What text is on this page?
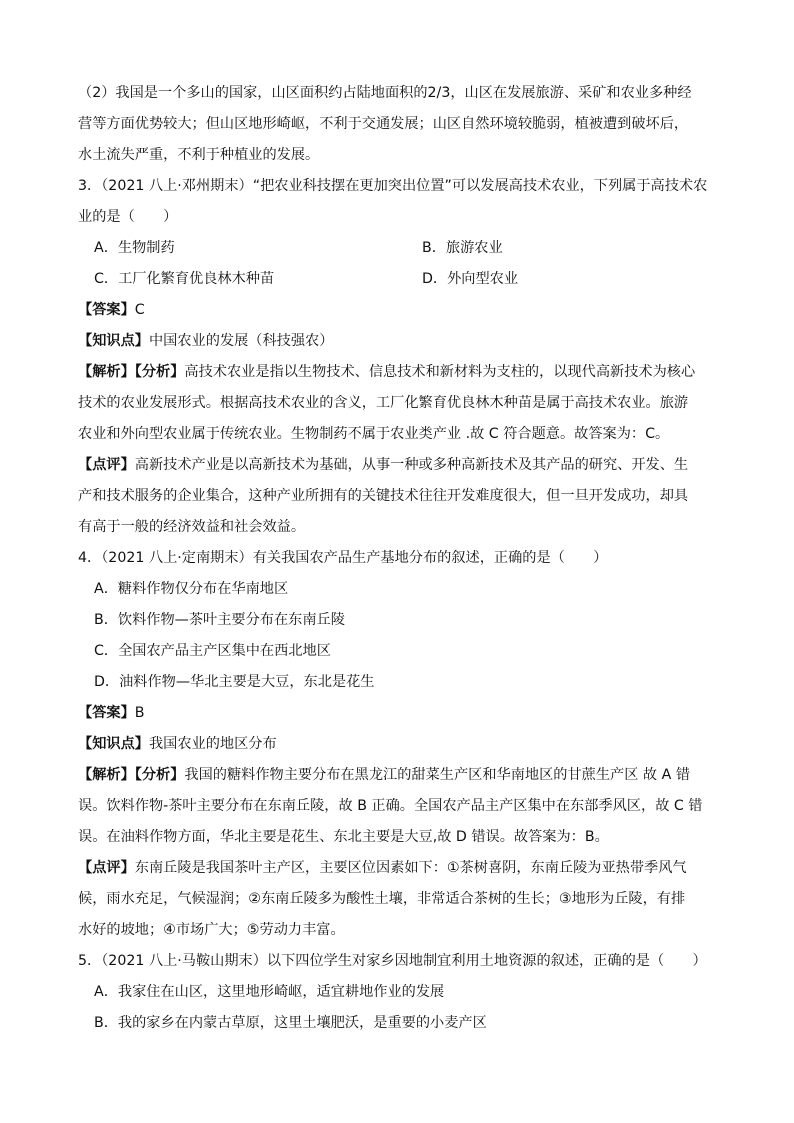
（2）我国是一个多山的国家，山区面积约占陆地面积的2/3，山区在发展旅游、采矿和农业多种经

营等方面优势较大；但山区地形崎岖，不利于交通发展；山区自然环境较脆弱，植被遭到破坏后，

水土流失严重，不利于种植业的发展。

3．（2021 八上·邓州期末）“把农业科技摆在更加突出位置”可以发展高技术农业，下列属于高技术农

业的是（　　）

A．生物制药	B．旅游农业
C．工厂化繁育优良林木种苗	D．外向型农业

【答案】C

【知识点】中国农业的发展（科技强农）

【解析】【分析】高技术农业是指以生物技术、信息技术和新材料为支柱的，以现代高新技术为核心

技术的农业发展形式。根据高技术农业的含义，工厂化繁育优良林木种苗是属于高技术农业。旅游

农业和外向型农业属于传统农业。生物制药不属于农业类产业 .故 C 符合题意。故答案为：C。

【点评】高新技术产业是以高新技术为基础，从事一种或多种高新技术及其产品的研究、开发、生

产和技术服务的企业集合，这种产业所拥有的关键技术往往开发难度很大，但一旦开发成功，却具

有高于一般的经济效益和社会效益。

4．（2021 八上·定南期末）有关我国农产品生产基地分布的叙述，正确的是（　　）

A．糖料作物仅分布在华南地区

B．饮料作物—茶叶主要分布在东南丘陵

C．全国农产品主产区集中在西北地区

D．油料作物—华北主要是大豆，东北是花生

【答案】B

【知识点】我国农业的地区分布

【解析】【分析】我国的糖料作物主要分布在黑龙江的甜菜生产区和华南地区的甘蔗生产区 故 A 错

误。饮料作物-茶叶主要分布在东南丘陵，故 B 正确。全国农产品主产区集中在东部季风区，故 C 错

误。在油料作物方面，华北主要是花生、东北主要是大豆,故 D 错误。故答案为：B。

【点评】东南丘陵是我国茶叶主产区，主要区位因素如下：①茶树喜阴，东南丘陵为亚热带季风气

候，雨水充足，气候湿润；②东南丘陵多为酸性土壤，非常适合茶树的生长；③地形为丘陵，有排

水好的坡地；④市场广大；⑤劳动力丰富。

5．（2021 八上·马鞍山期末）以下四位学生对家乡因地制宜利用土地资源的叙述，正确的是（　　）

A．我家住在山区，这里地形崎岖，适宜耕地作业的发展

B．我的家乡在内蒙古草原，这里土壤肥沃，是重要的小麦产区
